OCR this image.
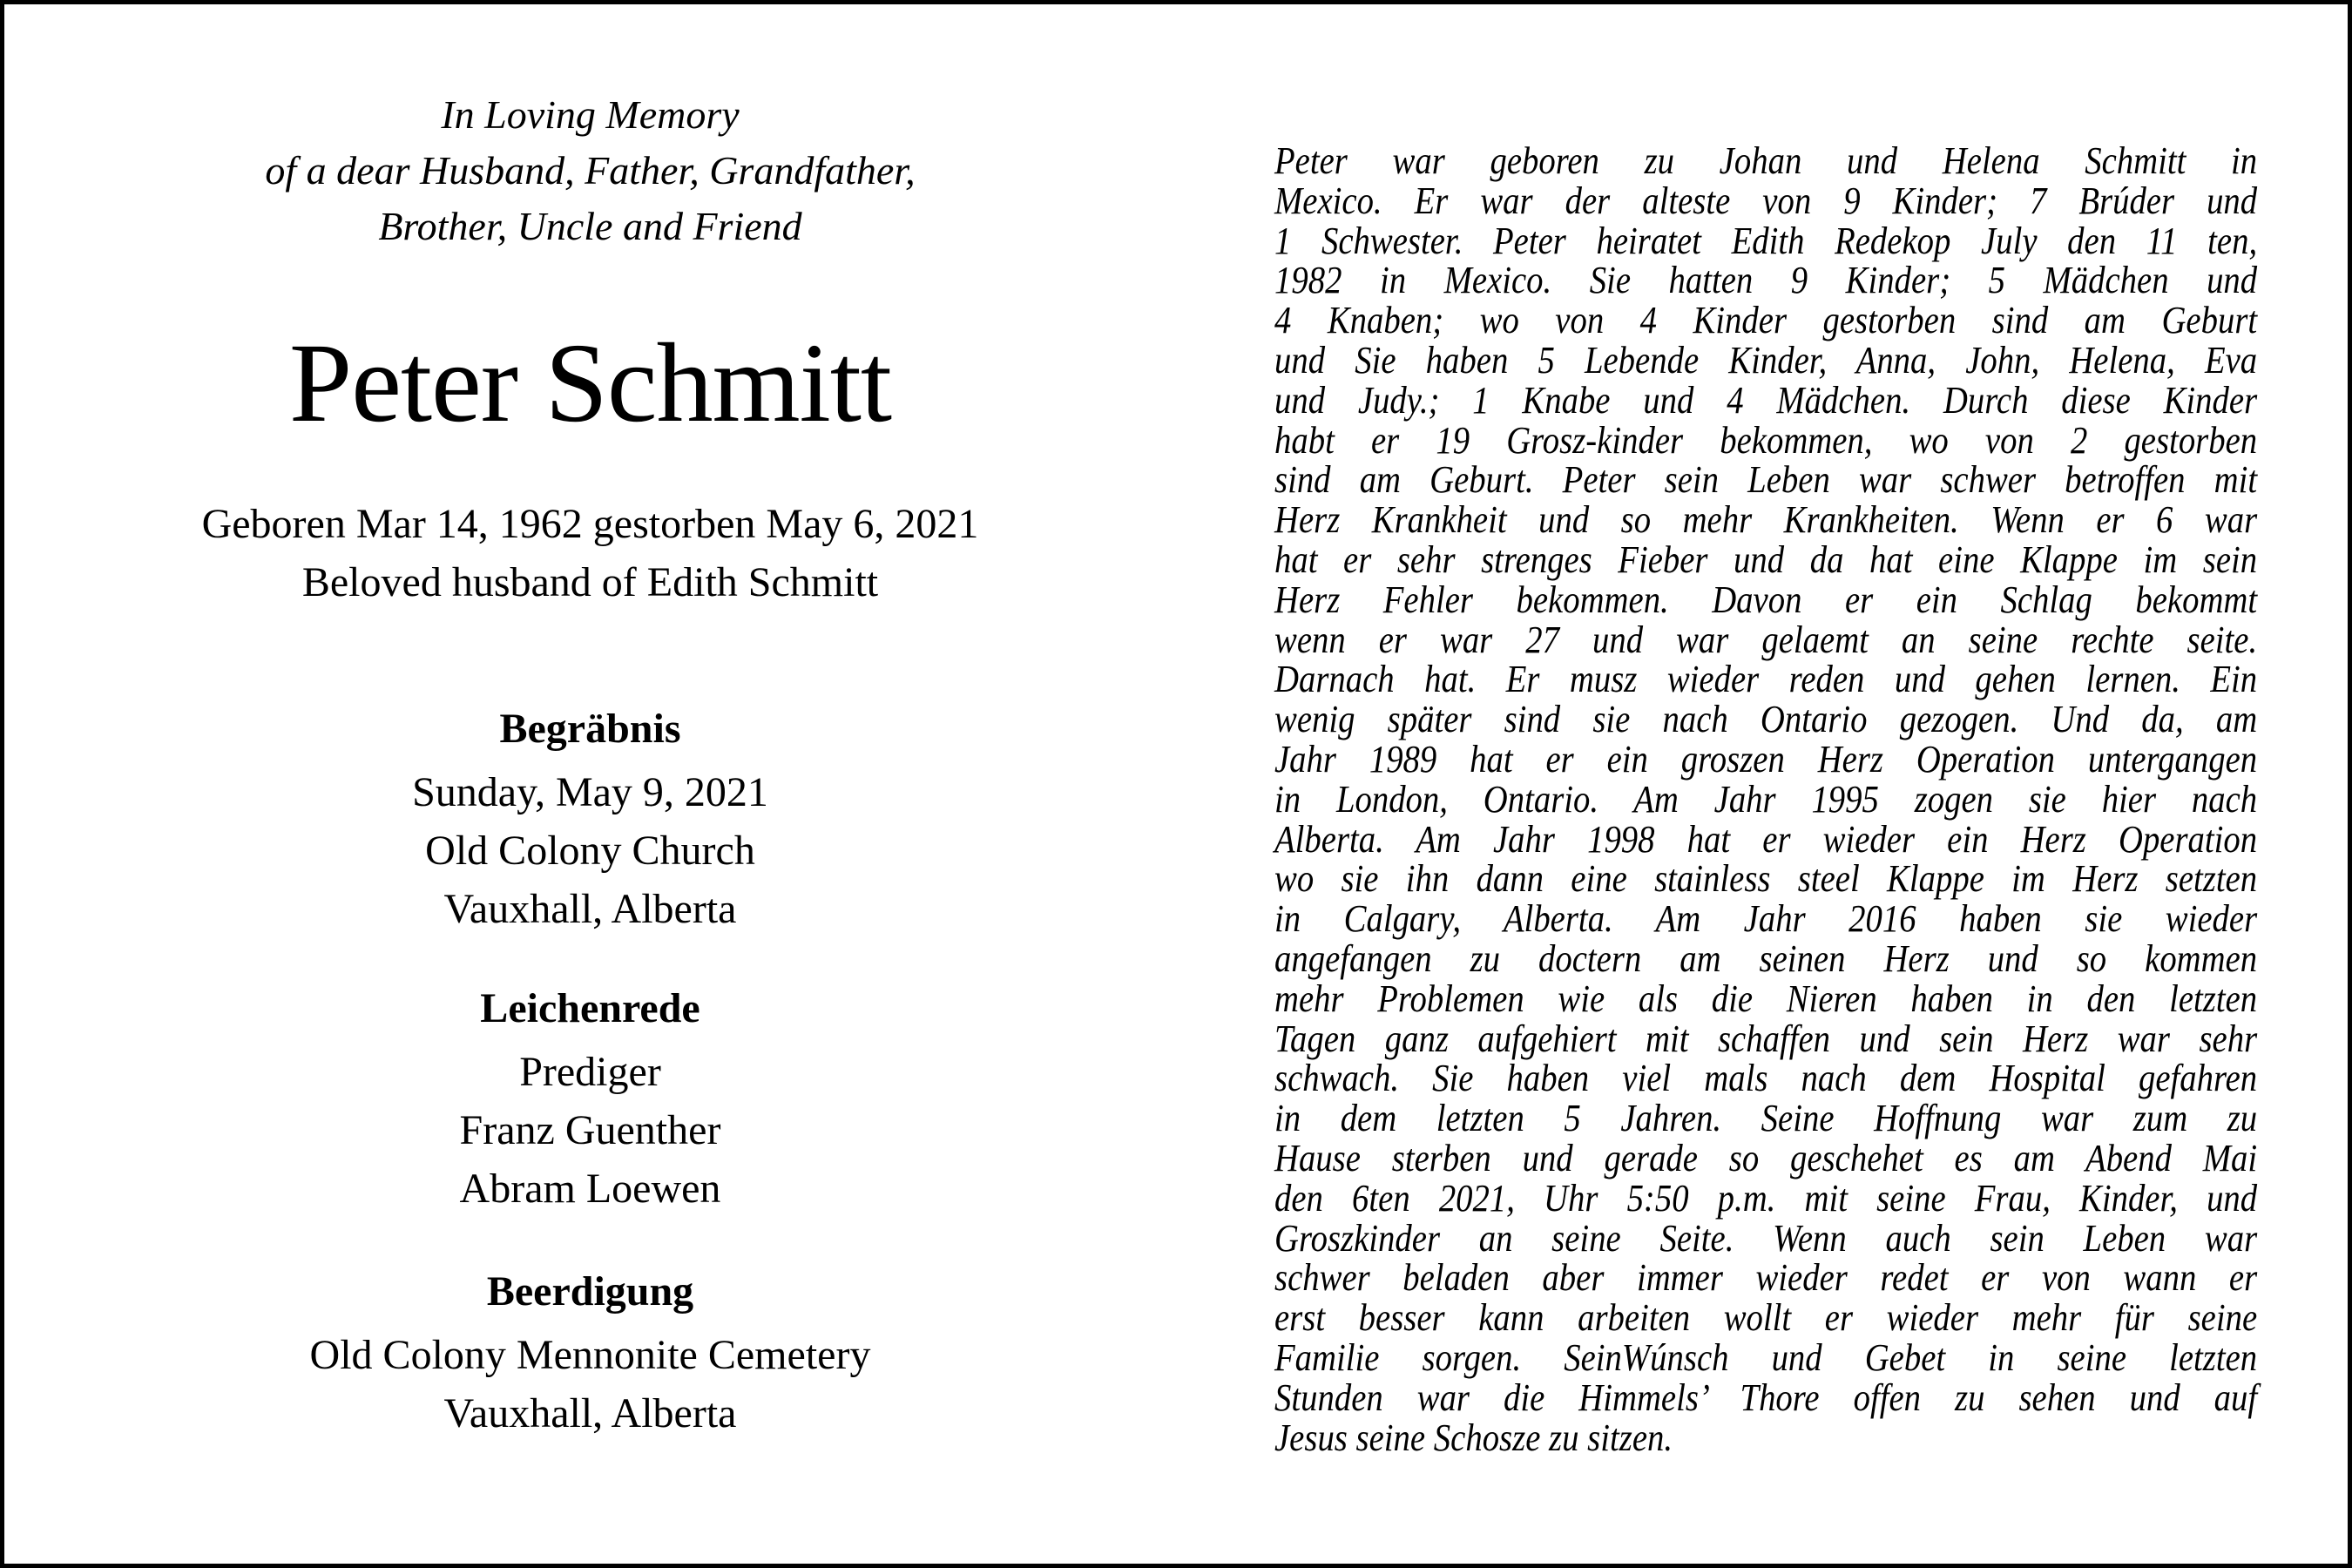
In Loving Memory
of a dear Husband, Father, Grandfather,
Brother, Uncle and Friend
Peter Schmitt
Geboren Mar 14, 1962 gestorben May 6, 2021
Beloved husband of Edith Schmitt
Begräbnis
Sunday, May 9, 2021
Old Colony Church
Vauxhall, Alberta
Leichenrede
Prediger
Franz Guenther
Abram Loewen
Beerdigung
Old Colony Mennonite Cemetery
Vauxhall, Alberta
Peter war geboren zu Johan und Helena Schmitt in
Mexico. Er war der alteste von 9 Kinder; 7 Brúder und
1 Schwester. Peter heiratet Edith Redekop July den 11 ten,
1982 in Mexico. Sie hatten 9 Kinder; 5 Mädchen und
4 Knaben; wo von 4 Kinder gestorben sind am Geburt
und Sie haben 5 Lebende Kinder, Anna, John, Helena, Eva
und Judy.; 1 Knabe und 4 Mädchen. Durch diese Kinder
habt er 19 Grosz-kinder bekommen, wo von 2 gestorben
sind am Geburt. Peter sein Leben war schwer betroffen mit
Herz Krankheit und so mehr Krankheiten. Wenn er 6 war
hat er sehr strenges Fieber und da hat eine Klappe im sein
Herz Fehler bekommen. Davon er ein Schlag bekommt
wenn er war 27 und war gelaemt an seine rechte seite.
Darnach hat. Er musz wieder reden und gehen lernen. Ein
wenig später sind sie nach Ontario gezogen. Und da, am
Jahr 1989 hat er ein groszen Herz Operation untergangen
in London, Ontario. Am Jahr 1995 zogen sie hier nach
Alberta. Am Jahr 1998 hat er wieder ein Herz Operation
wo sie ihn dann eine stainless steel Klappe im Herz setzten
in Calgary, Alberta. Am Jahr 2016 haben sie wieder
angefangen zu doctern am seinen Herz und so kommen
mehr Problemen wie als die Nieren haben in den letzten
Tagen ganz aufgehiert mit schaffen und sein Herz war sehr
schwach. Sie haben viel mals nach dem Hospital gefahren
in dem letzten 5 Jahren. Seine Hoffnung war zum zu
Hause sterben und gerade so geschehet es am Abend Mai
den 6ten 2021, Uhr 5:50 p.m. mit seine Frau, Kinder, und
Groszkinder an seine Seite. Wenn auch sein Leben war
schwer beladen aber immer wieder redet er von wann er
erst besser kann arbeiten wollt er wieder mehr für seine
Familie sorgen. SeinWúnsch und Gebet in seine letzten
Stunden war die Himmels’ Thore offen zu sehen und auf
Jesus seine Schosze zu sitzen.
